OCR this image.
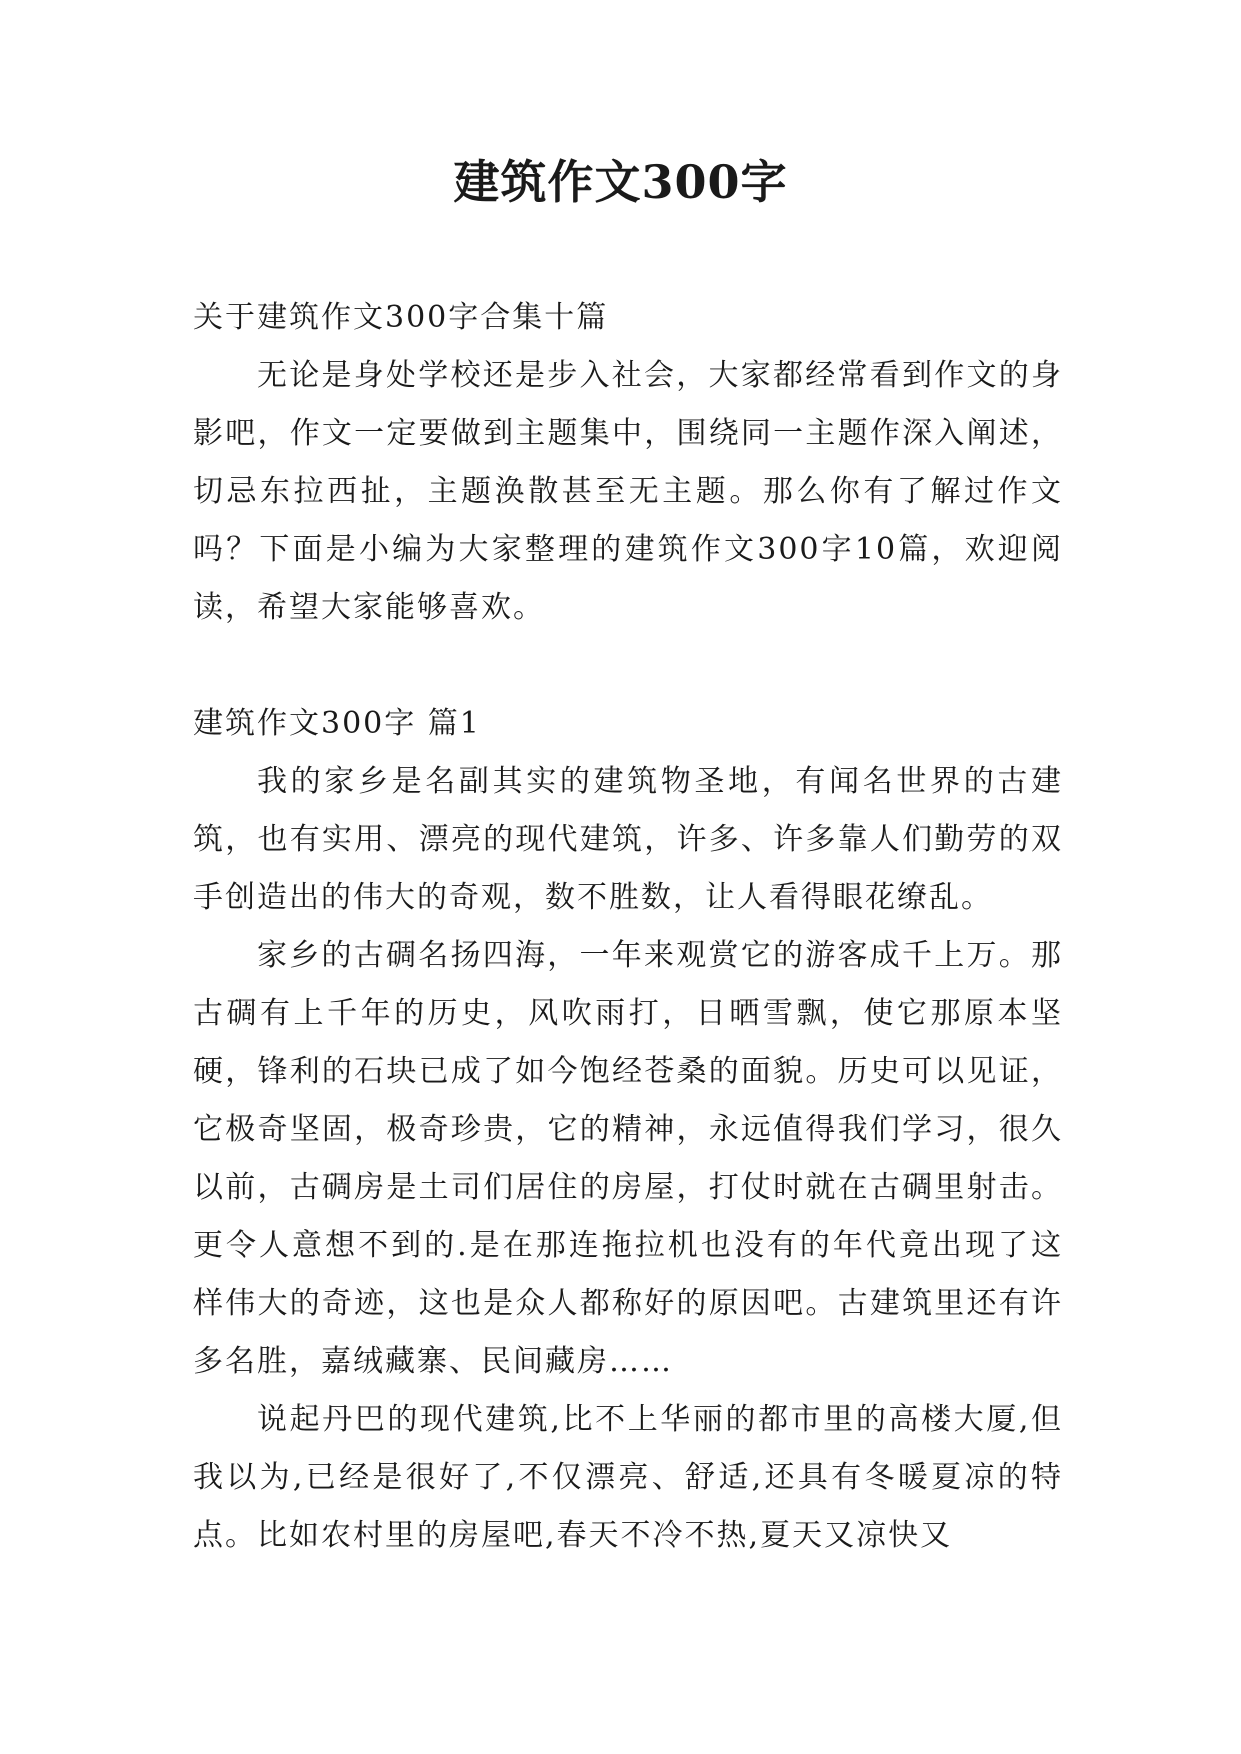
建筑作文300字

关于建筑作文300字合集十篇

无论是身处学校还是步入社会，大家都经常看到作文的身影吧，作文一定要做到主题集中，围绕同一主题作深入阐述，切忌东拉西扯，主题涣散甚至无主题。那么你有了解过作文吗？下面是小编为大家整理的建筑作文300字10篇，欢迎阅读，希望大家能够喜欢。

建筑作文300字 篇1

我的家乡是名副其实的建筑物圣地，有闻名世界的古建筑，也有实用、漂亮的现代建筑，许多、许多靠人们勤劳的双手创造出的伟大的奇观，数不胜数，让人看得眼花缭乱。

家乡的古碉名扬四海，一年来观赏它的游客成千上万。那古碉有上千年的历史，风吹雨打，日晒雪飘，使它那原本坚硬，锋利的石块已成了如今饱经苍桑的面貌。历史可以见证，它极奇坚固，极奇珍贵，它的精神，永远值得我们学习，很久以前，古碉房是土司们居住的房屋，打仗时就在古碉里射击。更令人意想不到的.是在那连拖拉机也没有的年代竟出现了这样伟大的奇迹，这也是众人都称好的原因吧。古建筑里还有许多名胜，嘉绒藏寨、民间藏房……

说起丹巴的现代建筑,比不上华丽的都市里的高楼大厦,但我以为,已经是很好了,不仅漂亮、舒适,还具有冬暖夏凉的特点。比如农村里的房屋吧,春天不冷不热,夏天又凉快又
